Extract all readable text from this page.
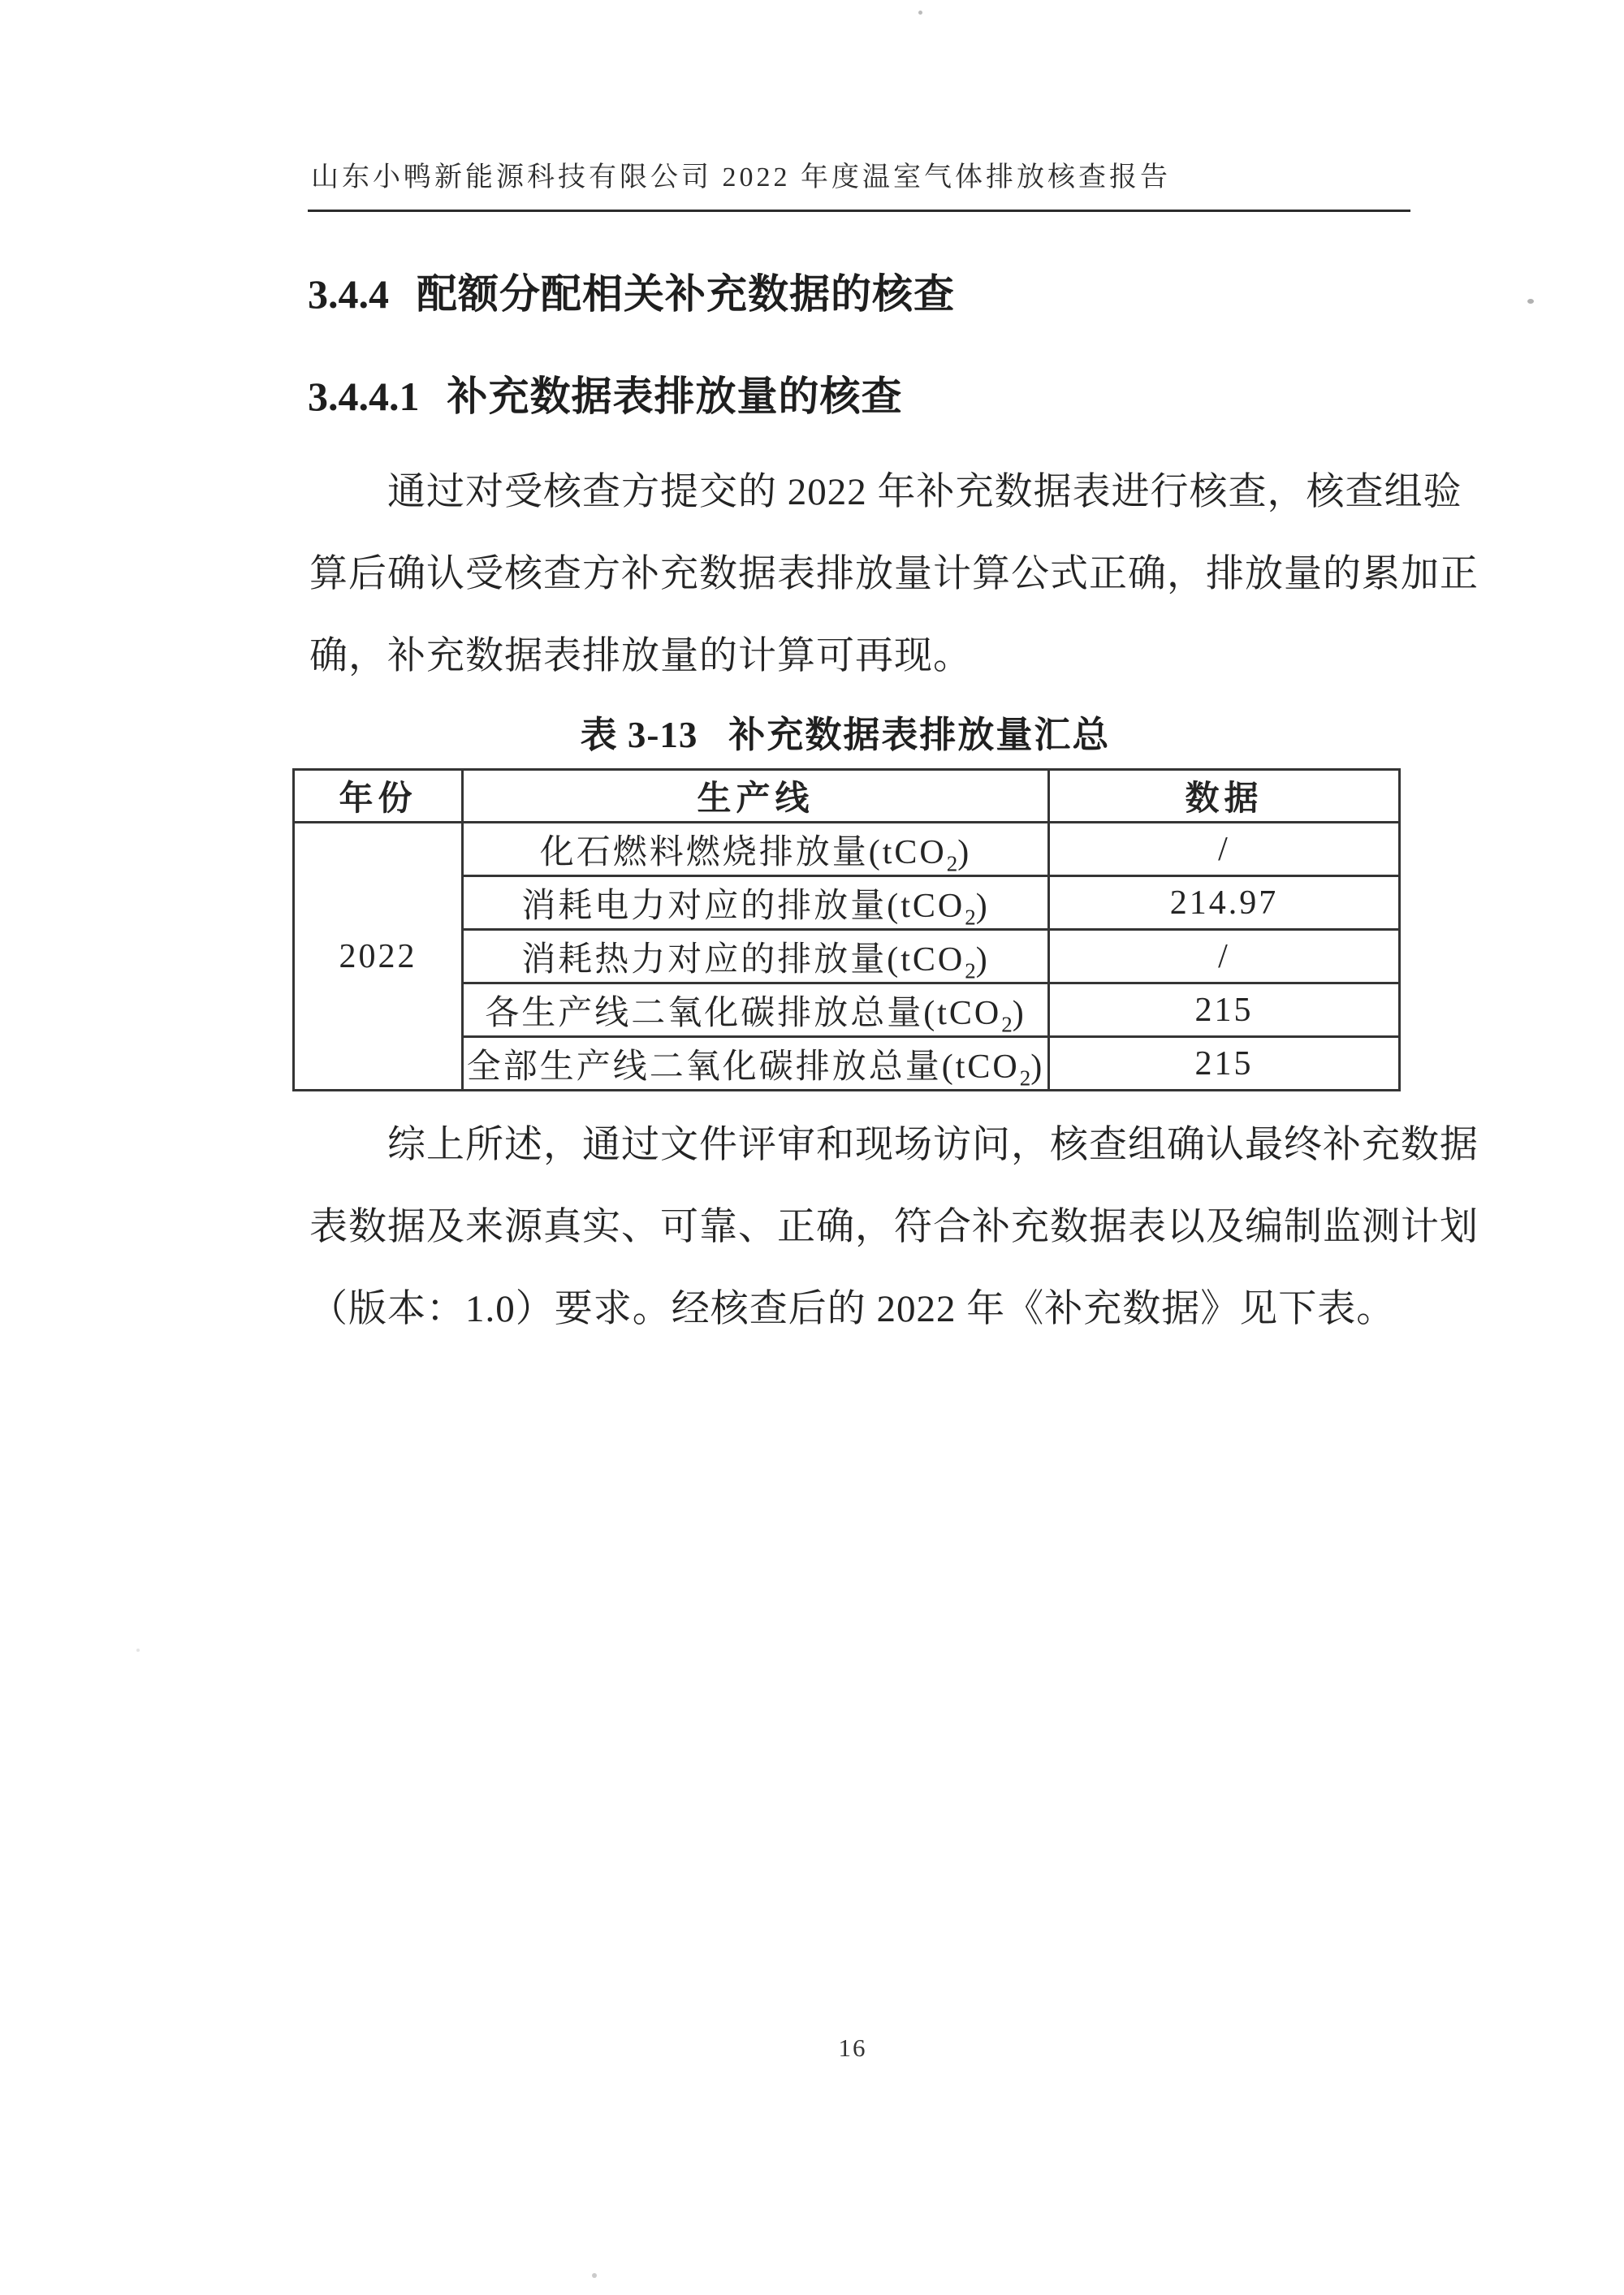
山东小鸭新能源科技有限公司 2022 年度温室气体排放核查报告
3.4.4 配额分配相关补充数据的核查
3.4.4.1 补充数据表排放量的核查
通过对受核查方提交的 2022 年补充数据表进行核查，核查组验
算后确认受核查方补充数据表排放量计算公式正确，排放量的累加正
确，补充数据表排放量的计算可再现。
表 3-13 补充数据表排放量汇总
年份	生产线	数据
2022	化石燃料燃烧排放量(tCO$_2$)	/
	消耗电力对应的排放量(tCO$_2$)	214.97
	消耗热力对应的排放量(tCO$_2$)	/
	各生产线二氧化碳排放总量(tCO$_2$)	215
	全部生产线二氧化碳排放总量(tCO$_2$)	215
综上所述，通过文件评审和现场访问，核查组确认最终补充数据
表数据及来源真实、可靠、正确，符合补充数据表以及编制监测计划
（版本：1.0）要求。经核查后的 2022 年《补充数据》见下表。
16
